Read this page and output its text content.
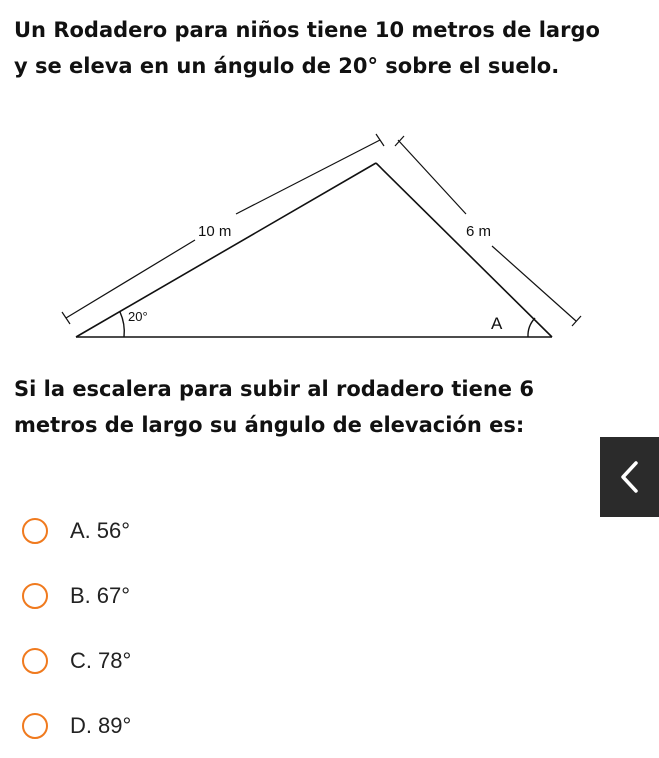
Un Rodadero para niños tiene 10 metros de largo

y se eleva en un ángulo de 20° sobre el suelo.

10 m	6 m
20°	A

Si la escalera para subir al rodadero tiene 6

metros de largo su ángulo de elevación es:

A. 56°
B. 67°
C. 78°
D. 89°
